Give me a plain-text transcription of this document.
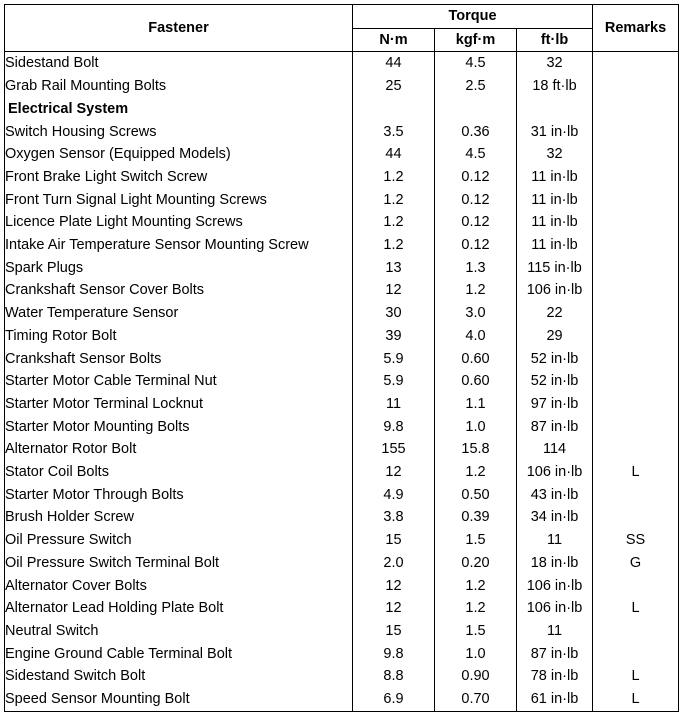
Fastener	Torque			Remarks
	N·m	kgf·m	ft·lb	
Sidestand Bolt	44	4.5	32	
Grab Rail Mounting Bolts	25	2.5	18 ft·lb	
Electrical System				
Switch Housing Screws	3.5	0.36	31 in·lb	
Oxygen Sensor (Equipped Models)	44	4.5	32	
Front Brake Light Switch Screw	1.2	0.12	11 in·lb	
Front Turn Signal Light Mounting Screws	1.2	0.12	11 in·lb	
Licence Plate Light Mounting Screws	1.2	0.12	11 in·lb	
Intake Air Temperature Sensor Mounting Screw	1.2	0.12	11 in·lb	
Spark Plugs	13	1.3	115 in·lb	
Crankshaft Sensor Cover Bolts	12	1.2	106 in·lb	
Water Temperature Sensor	30	3.0	22	
Timing Rotor Bolt	39	4.0	29	
Crankshaft Sensor Bolts	5.9	0.60	52 in·lb	
Starter Motor Cable Terminal Nut	5.9	0.60	52 in·lb	
Starter Motor Terminal Locknut	11	1.1	97 in·lb	
Starter Motor Mounting Bolts	9.8	1.0	87 in·lb	
Alternator Rotor Bolt	155	15.8	114	
Stator Coil Bolts	12	1.2	106 in·lb	L
Starter Motor Through Bolts	4.9	0.50	43 in·lb	
Brush Holder Screw	3.8	0.39	34 in·lb	
Oil Pressure Switch	15	1.5	11	SS
Oil Pressure Switch Terminal Bolt	2.0	0.20	18 in·lb	G
Alternator Cover Bolts	12	1.2	106 in·lb	
Alternator Lead Holding Plate Bolt	12	1.2	106 in·lb	L
Neutral Switch	15	1.5	11	
Engine Ground Cable Terminal Bolt	9.8	1.0	87 in·lb	
Sidestand Switch Bolt	8.8	0.90	78 in·lb	L
Speed Sensor Mounting Bolt	6.9	0.70	61 in·lb	L
